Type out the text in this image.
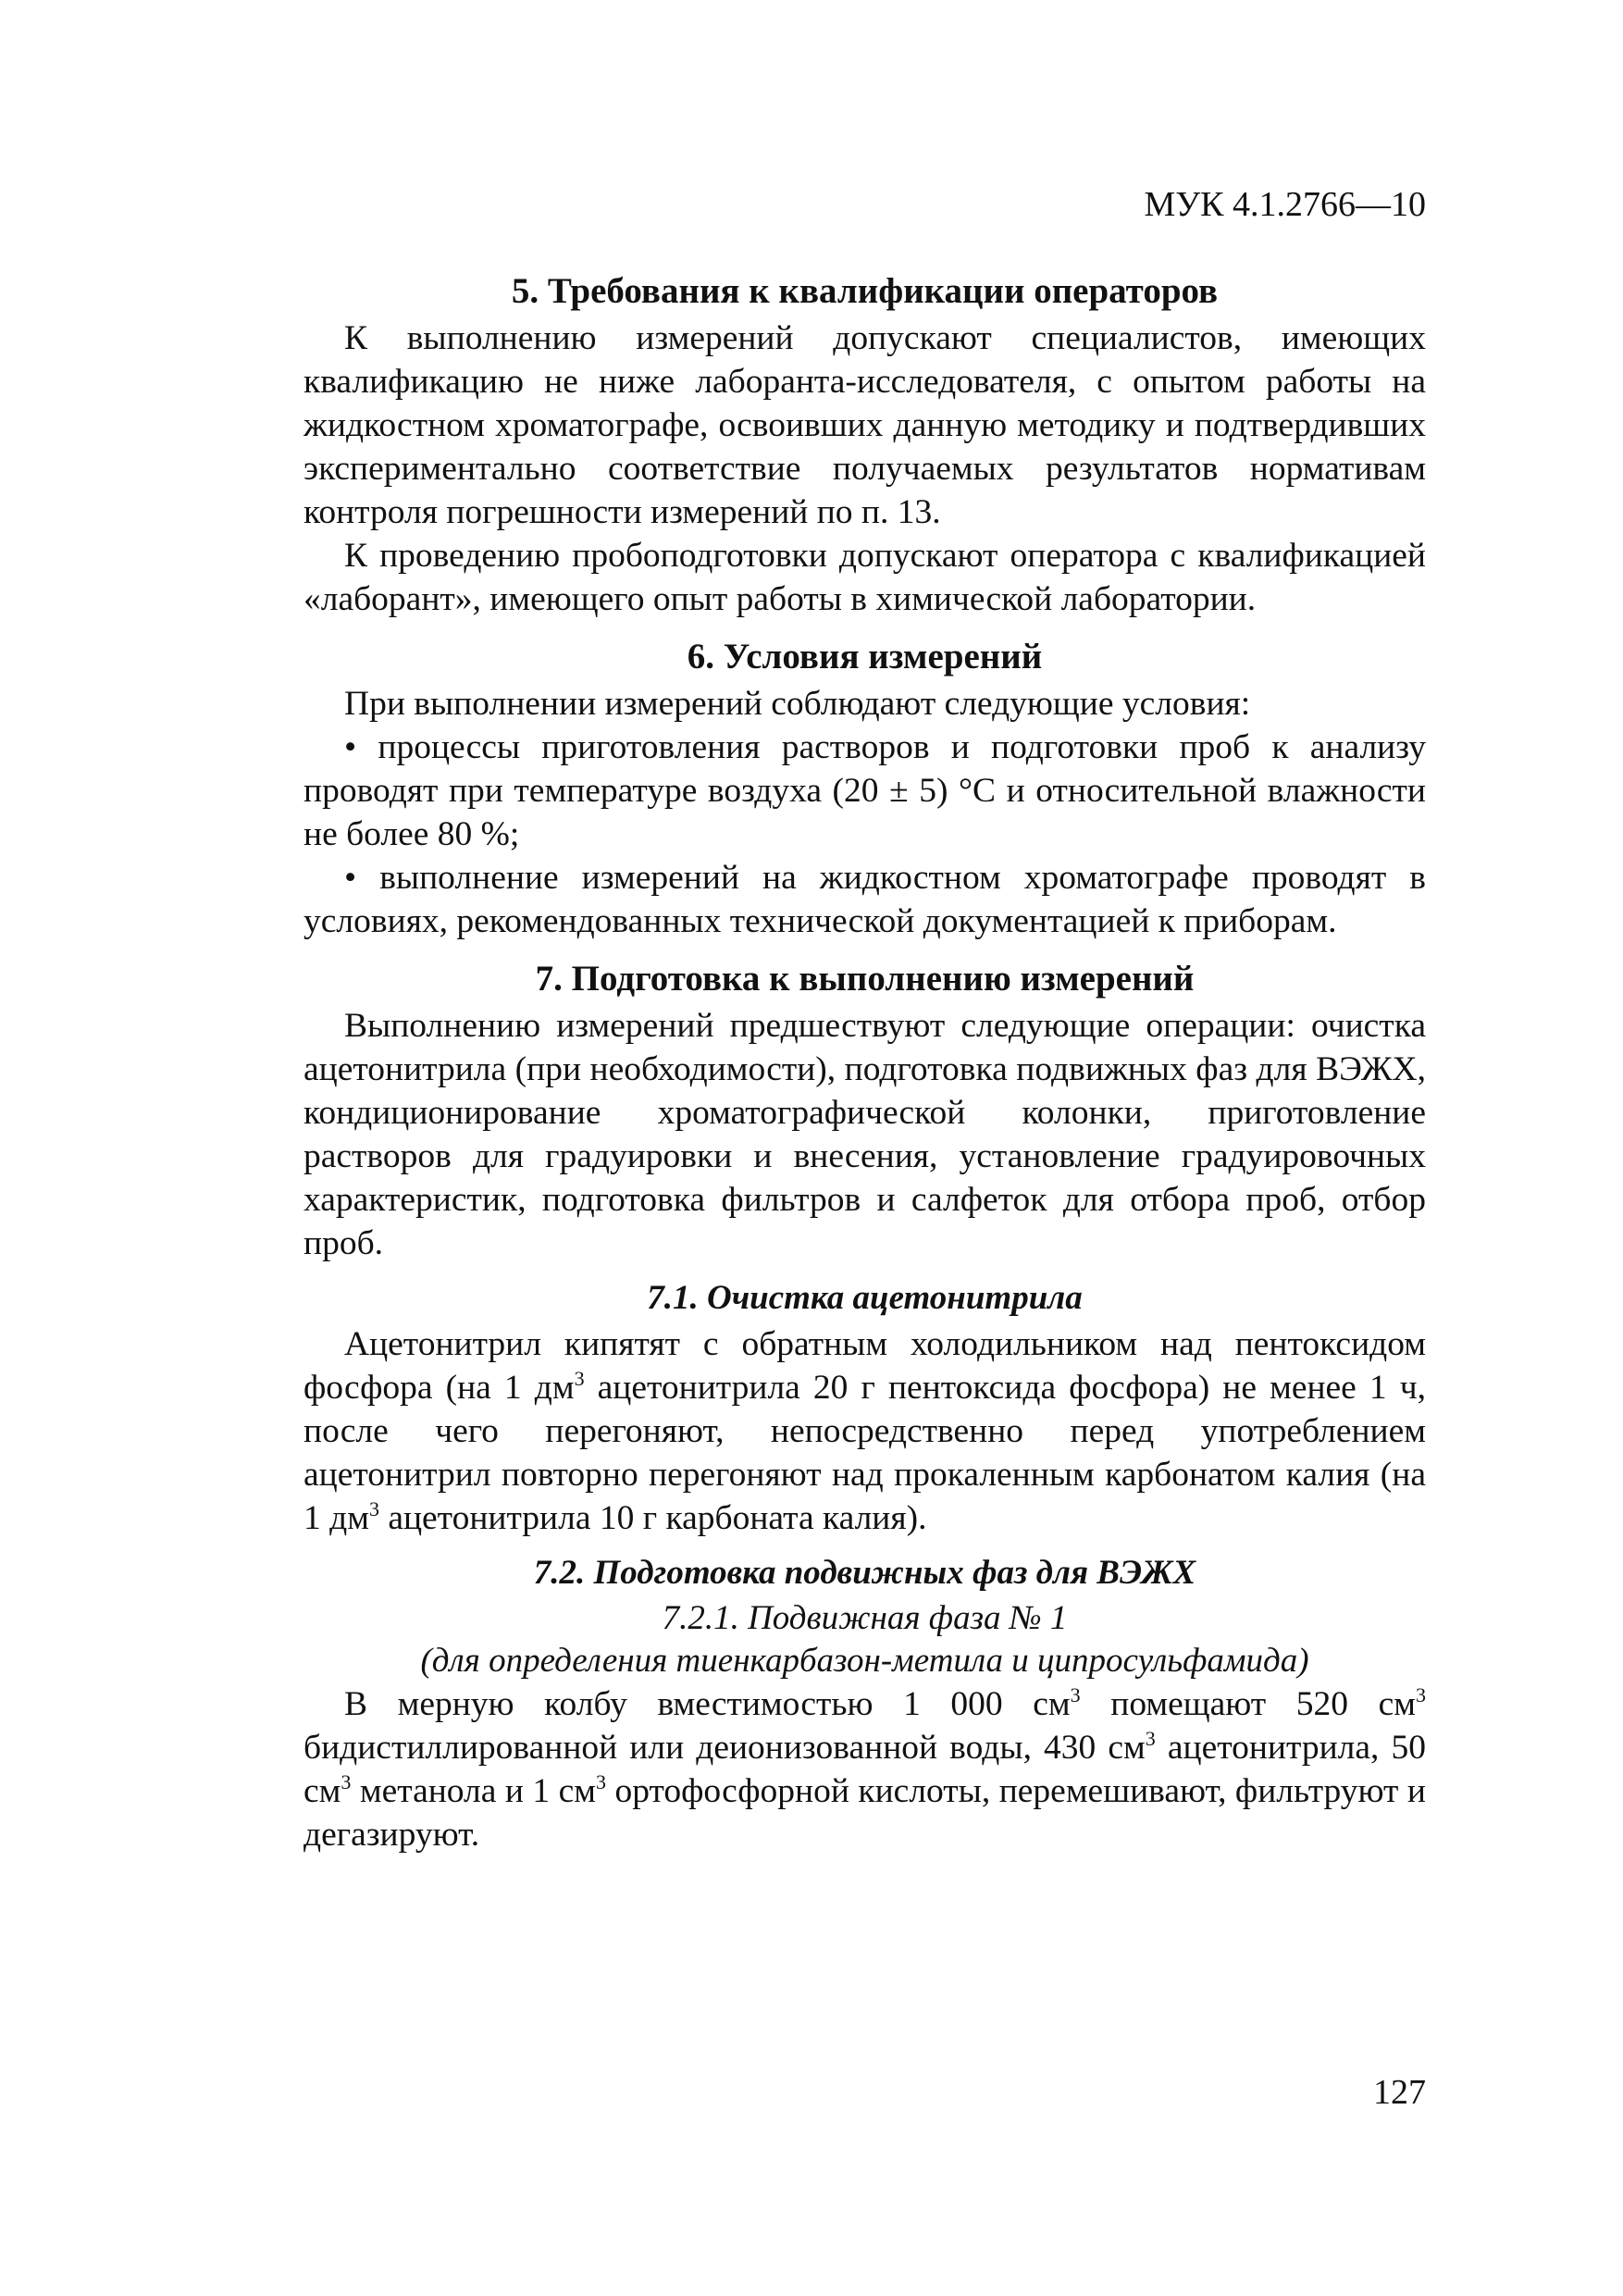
МУК 4.1.2766—10
5. Требования к квалификации операторов

К выполнению измерений допускают специалистов, имеющих квалификацию не ниже лаборанта-исследователя, с опытом работы на жидкостном хроматографе, освоивших данную методику и подтвердивших экспериментально соответствие получаемых результатов нормативам контроля погрешности измерений по п. 13.

К проведению пробоподготовки допускают оператора с квалификацией «лаборант», имеющего опыт работы в химической лаборатории.

6. Условия измерений

При выполнении измерений соблюдают следующие условия:

• процессы приготовления растворов и подготовки проб к анализу проводят при температуре воздуха (20 ± 5) °С и относительной влажности не более 80 %;

• выполнение измерений на жидкостном хроматографе проводят в условиях, рекомендованных технической документацией к приборам.

7. Подготовка к выполнению измерений

Выполнению измерений предшествуют следующие операции: очистка ацетонитрила (при необходимости), подготовка подвижных фаз для ВЭЖХ, кондиционирование хроматографической колонки, приготовление растворов для градуировки и внесения, установление градуировочных характеристик, подготовка фильтров и салфеток для отбора проб, отбор проб.

7.1. Очистка ацетонитрила

Ацетонитрил кипятят с обратным холодильником над пентоксидом фосфора (на 1 $дм^3$ ацетонитрила 20 г пентоксида фосфора) не менее 1 ч, после чего перегоняют, непосредственно перед употреблением ацетонитрил повторно перегоняют над прокаленным карбонатом калия (на 1 $дм^3$ ацетонитрила 10 г карбоната калия).

7.2. Подготовка подвижных фаз для ВЭЖХ
7.2.1. Подвижная фаза № 1
(для определения тиенкарбазон-метила и ципросульфамида)

В мерную колбу вместимостью 1 000 $см^3$ помещают 520 $см^3$ бидистиллированной или деионизованной воды, 430 $см^3$ ацетонитрила, 50 $см^3$ метанола и 1 $см^3$ ортофосфорной кислоты, перемешивают, фильтруют и дегазируют.

127
